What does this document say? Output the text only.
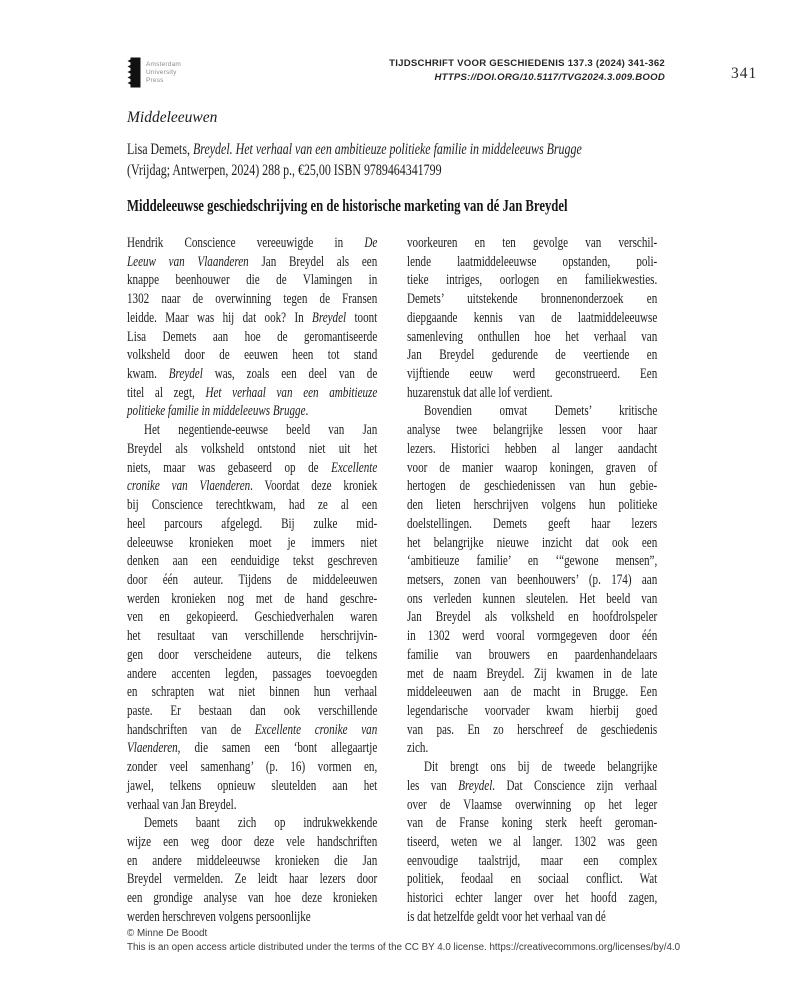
Amsterdam
University
Press
TIJDSCHRIFT VOOR GESCHIEDENIS 137.3 (2024) 341-362
HTTPS://DOI.ORG/10.5117/TVG2024.3.009.BOOD	341
Middeleeuwen
Lisa Demets, Breydel. Het verhaal van een ambitieuze politieke familie in middeleeuws Brugge
(Vrijdag; Antwerpen, 2024) 288 p., €25,00 ISBN 9789464341799
Middeleeuwse geschiedschrijving en de historische marketing van dé Jan Breydel
Hendrik Conscience vereeuwigde in De
Leeuw van Vlaanderen Jan Breydel als een
knappe beenhouwer die de Vlamingen in
1302 naar de overwinning tegen de Fransen
leidde. Maar was hij dat ook? In Breydel toont
Lisa Demets aan hoe de geromantiseerde
volksheld door de eeuwen heen tot stand
kwam. Breydel was, zoals een deel van de
titel al zegt, Het verhaal van een ambitieuze
politieke familie in middeleeuws Brugge.
Het negentiende-eeuwse beeld van Jan
Breydel als volksheld ontstond niet uit het
niets, maar was gebaseerd op de Excellente
cronike van Vlaenderen. Voordat deze kroniek
bij Conscience terechtkwam, had ze al een
heel parcours afgelegd. Bij zulke mid-
deleeuwse kronieken moet je immers niet
denken aan een eenduidige tekst geschreven
door één auteur. Tijdens de middeleeuwen
werden kronieken nog met de hand geschre-
ven en gekopieerd. Geschiedverhalen waren
het resultaat van verschillende herschrijvin-
gen door verscheidene auteurs, die telkens
andere accenten legden, passages toevoegden
en schrapten wat niet binnen hun verhaal
paste. Er bestaan dan ook verschillende
handschriften van de Excellente cronike van
Vlaenderen, die samen een ‘bont allegaartje
zonder veel samenhang’ (p. 16) vormen en,
jawel, telkens opnieuw sleutelden aan het
verhaal van Jan Breydel.
Demets baant zich op indrukwekkende
wijze een weg door deze vele handschriften
en andere middeleeuwse kronieken die Jan
Breydel vermelden. Ze leidt haar lezers door
een grondige analyse van hoe deze kronieken
werden herschreven volgens persoonlijke
voorkeuren en ten gevolge van verschil-
lende laatmiddeleeuwse opstanden, poli-
tieke intriges, oorlogen en familiekwesties.
Demets’ uitstekende bronnenonderzoek en
diepgaande kennis van de laatmiddeleeuwse
samenleving onthullen hoe het verhaal van
Jan Breydel gedurende de veertiende en
vijftiende eeuw werd geconstrueerd. Een
huzarenstuk dat alle lof verdient.
Bovendien omvat Demets’ kritische
analyse twee belangrijke lessen voor haar
lezers. Historici hebben al langer aandacht
voor de manier waarop koningen, graven of
hertogen de geschiedenissen van hun gebie-
den lieten herschrijven volgens hun politieke
doelstellingen. Demets geeft haar lezers
het belangrijke nieuwe inzicht dat ook een
‘ambitieuze familie’ en ‘“gewone mensen”,
metsers, zonen van beenhouwers’ (p. 174) aan
ons verleden kunnen sleutelen. Het beeld van
Jan Breydel als volksheld en hoofdrolspeler
in 1302 werd vooral vormgegeven door één
familie van brouwers en paardenhandelaars
met de naam Breydel. Zij kwamen in de late
middeleeuwen aan de macht in Brugge. Een
legendarische voorvader kwam hierbij goed
van pas. En zo herschreef de geschiedenis
zich.
Dit brengt ons bij de tweede belangrijke
les van Breydel. Dat Conscience zijn verhaal
over de Vlaamse overwinning op het leger
van de Franse koning sterk heeft geroman-
tiseerd, weten we al langer. 1302 was geen
eenvoudige taalstrijd, maar een complex
politiek, feodaal en sociaal conflict. Wat
historici echter langer over het hoofd zagen,
is dat hetzelfde geldt voor het verhaal van dé
© Minne De Boodt
This is an open access article distributed under the terms of the CC BY 4.0 license. https://creativecommons.org/licenses/by/4.0
